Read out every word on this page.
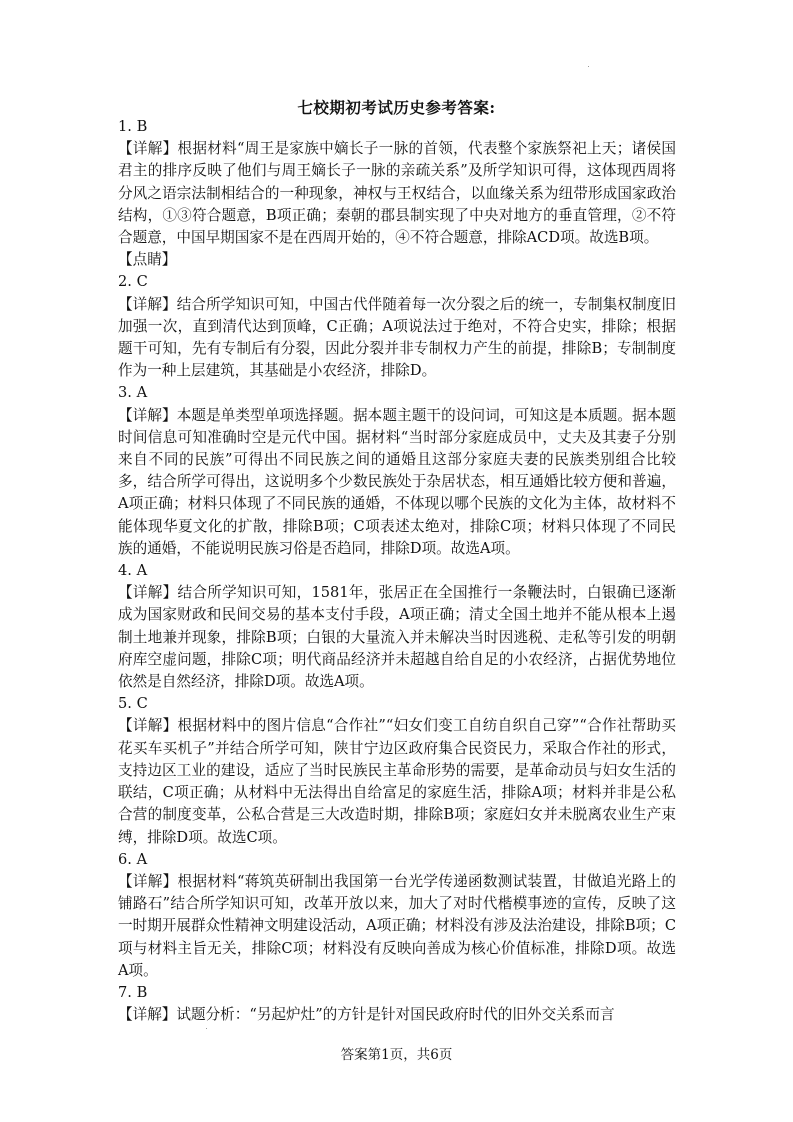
七校期初考试历史参考答案:

1. B

【详解】根据材料“周王是家族中嫡长子一脉的首领，代表整个家族祭祀上天；诸侯国君主的排序反映了他们与周王嫡长子一脉的亲疏关系”及所学知识可得，这体现西周将分风之语宗法制相结合的一种现象，神权与王权结合，以血缘关系为纽带形成国家政治结构，①③符合题意，B项正确；秦朝的郡县制实现了中央对地方的垂直管理，②不符合题意，中国早期国家不是在西周开始的，④不符合题意，排除ACD项。故选B项。

【点睛】

2. C

【详解】结合所学知识可知，中国古代伴随着每一次分裂之后的统一，专制集权制度旧加强一次，直到清代达到顶峰，C正确；A项说法过于绝对，不符合史实，排除；根据题干可知，先有专制后有分裂，因此分裂并非专制权力产生的前提，排除B；专制制度作为一种上层建筑，其基础是小农经济，排除D。

3. A

【详解】本题是单类型单项选择题。据本题主题干的设问词，可知这是本质题。据本题时间信息可知准确时空是元代中国。据材料“当时部分家庭成员中，丈夫及其妻子分别来自不同的民族”可得出不同民族之间的通婚且这部分家庭夫妻的民族类别组合比较多，结合所学可得出，这说明多个少数民族处于杂居状态，相互通婚比较方便和普遍，A项正确；材料只体现了不同民族的通婚，不体现以哪个民族的文化为主体，故材料不能体现华夏文化的扩散，排除B项；C项表述太绝对，排除C项；材料只体现了不同民族的通婚，不能说明民族习俗是否趋同，排除D项。故选A项。

4. A

【详解】结合所学知识可知，1581年，张居正在全国推行一条鞭法时，白银确已逐渐成为国家财政和民间交易的基本支付手段，A项正确；清丈全国土地并不能从根本上遏制土地兼并现象，排除B项；白银的大量流入并未解决当时因逃税、走私等引发的明朝府库空虚问题，排除C项；明代商品经济并未超越自给自足的小农经济，占据优势地位依然是自然经济，排除D项。故选A项。

5. C

【详解】根据材料中的图片信息“合作社”“妇女们变工自纺自织自己穿”“合作社帮助买花买车买机子”并结合所学可知，陕甘宁边区政府集合民资民力，采取合作社的形式，支持边区工业的建设，适应了当时民族民主革命形势的需要，是革命动员与妇女生活的联结，C项正确；从材料中无法得出自给富足的家庭生活，排除A项；材料并非是公私合营的制度变革，公私合营是三大改造时期，排除B项；家庭妇女并未脱离农业生产束缚，排除D项。故选C项。

6. A

【详解】根据材料“蒋筑英研制出我国第一台光学传递函数测试装置，甘做追光路上的铺路石”结合所学知识可知，改革开放以来，加大了对时代楷模事迹的宣传，反映了这一时期开展群众性精神文明建设活动，A项正确；材料没有涉及法治建设，排除B项；C项与材料主旨无关，排除C项；材料没有反映向善成为核心价值标准，排除D项。故选A项。

7. B

【详解】试题分析：“另起炉灶”的方针是针对国民政府时代的旧外交关系而言

答案第1页，共6页
